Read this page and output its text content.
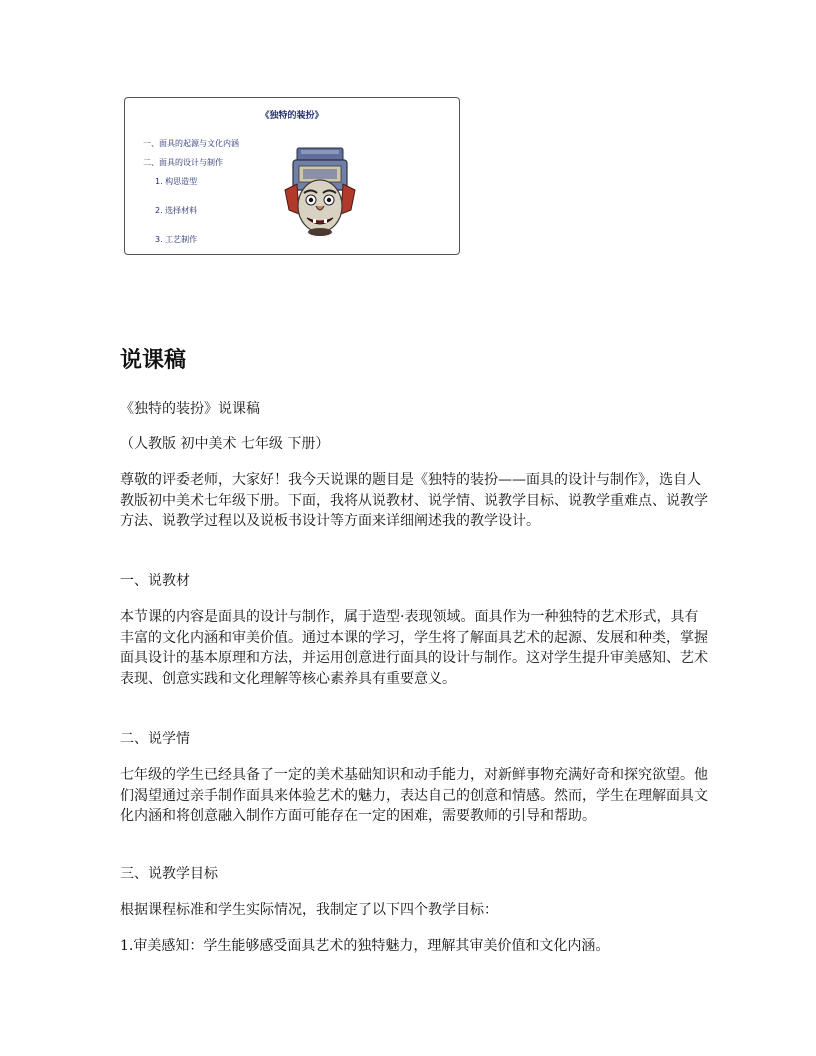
《独特的装扮》
一、面具的起源与文化内涵
二、面具的设计与制作
1. 构思造型
2. 选择材料
3. 工艺制作
说课稿

《独特的装扮》说课稿

（人教版 初中美术 七年级 下册）

尊敬的评委老师，大家好！我今天说课的题目是《独特的装扮——面具的设计与制作》，选自人教版初中美术七年级下册。下面，我将从说教材、说学情、说教学目标、说教学重难点、说教学方法、说教学过程以及说板书设计等方面来详细阐述我的教学设计。

一、说教材

本节课的内容是面具的设计与制作，属于造型·表现领域。面具作为一种独特的艺术形式，具有丰富的文化内涵和审美价值。通过本课的学习，学生将了解面具艺术的起源、发展和种类，掌握面具设计的基本原理和方法，并运用创意进行面具的设计与制作。这对学生提升审美感知、艺术表现、创意实践和文化理解等核心素养具有重要意义。

二、说学情

七年级的学生已经具备了一定的美术基础知识和动手能力，对新鲜事物充满好奇和探究欲望。他们渴望通过亲手制作面具来体验艺术的魅力，表达自己的创意和情感。然而，学生在理解面具文化内涵和将创意融入制作方面可能存在一定的困难，需要教师的引导和帮助。

三、说教学目标

根据课程标准和学生实际情况，我制定了以下四个教学目标：

1.审美感知：学生能够感受面具艺术的独特魅力，理解其审美价值和文化内涵。
